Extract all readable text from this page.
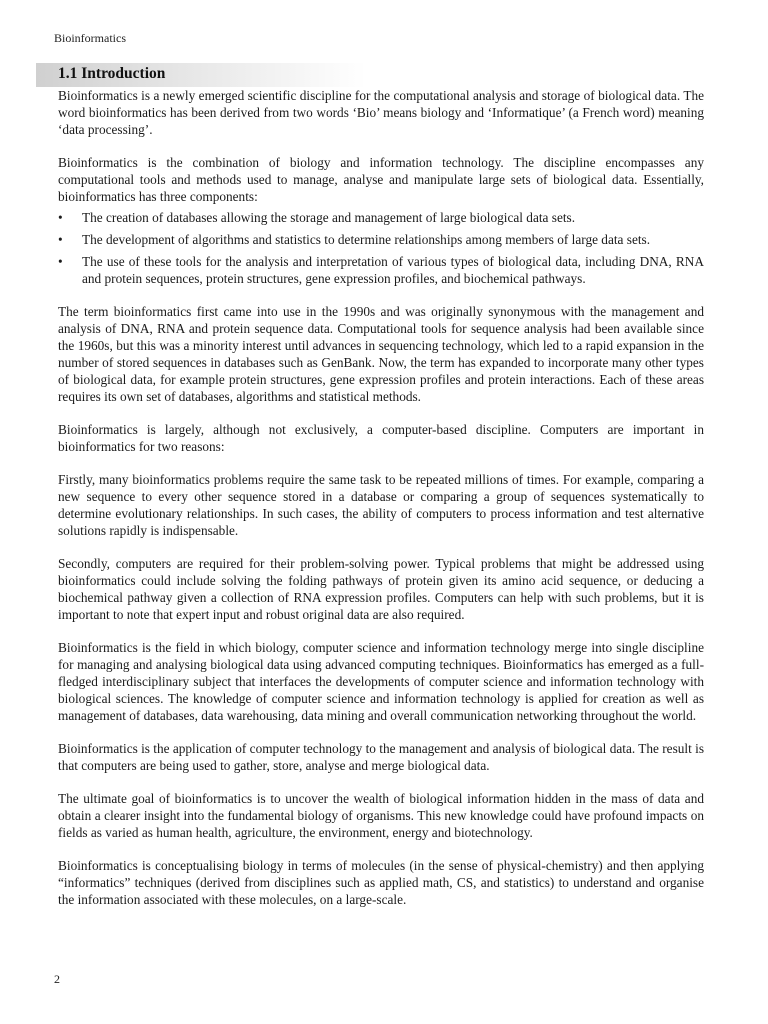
Bioinformatics
1.1 Introduction

Bioinformatics is a newly emerged scientific discipline for the computational analysis and storage of biological data. The word bioinformatics has been derived from two words ‘Bio’ means biology and ‘Informatique’ (a French word) meaning ‘data processing’.

Bioinformatics is the combination of biology and information technology. The discipline encompasses any computational tools and methods used to manage, analyse and manipulate large sets of biological data. Essentially, bioinformatics has three components:

• The creation of databases allowing the storage and management of large biological data sets.
• The development of algorithms and statistics to determine relationships among members of large data sets.
• The use of these tools for the analysis and interpretation of various types of biological data, including DNA, RNA and protein sequences, protein structures, gene expression profiles, and biochemical pathways.

The term bioinformatics first came into use in the 1990s and was originally synonymous with the management and analysis of DNA, RNA and protein sequence data. Computational tools for sequence analysis had been available since the 1960s, but this was a minority interest until advances in sequencing technology, which led to a rapid expansion in the number of stored sequences in databases such as GenBank. Now, the term has expanded to incorporate many other types of biological data, for example protein structures, gene expression profiles and protein interactions. Each of these areas requires its own set of databases, algorithms and statistical methods.

Bioinformatics is largely, although not exclusively, a computer-based discipline. Computers are important in bioinformatics for two reasons:

Firstly, many bioinformatics problems require the same task to be repeated millions of times. For example, comparing a new sequence to every other sequence stored in a database or comparing a group of sequences systematically to determine evolutionary relationships. In such cases, the ability of computers to process information and test alternative solutions rapidly is indispensable.

Secondly, computers are required for their problem-solving power. Typical problems that might be addressed using bioinformatics could include solving the folding pathways of protein given its amino acid sequence, or deducing a biochemical pathway given a collection of RNA expression profiles. Computers can help with such problems, but it is important to note that expert input and robust original data are also required.

Bioinformatics is the field in which biology, computer science and information technology merge into single discipline for managing and analysing biological data using advanced computing techniques. Bioinformatics has emerged as a full-fledged interdisciplinary subject that interfaces the developments of computer science and information technology with biological sciences. The knowledge of computer science and information technology is applied for creation as well as management of databases, data warehousing, data mining and overall communication networking throughout the world.

Bioinformatics is the application of computer technology to the management and analysis of biological data. The result is that computers are being used to gather, store, analyse and merge biological data.

The ultimate goal of bioinformatics is to uncover the wealth of biological information hidden in the mass of data and obtain a clearer insight into the fundamental biology of organisms. This new knowledge could have profound impacts on fields as varied as human health, agriculture, the environment, energy and biotechnology.

Bioinformatics is conceptualising biology in terms of molecules (in the sense of physical-chemistry) and then applying “informatics” techniques (derived from disciplines such as applied math, CS, and statistics) to understand and organise the information associated with these molecules, on a large-scale.

2
